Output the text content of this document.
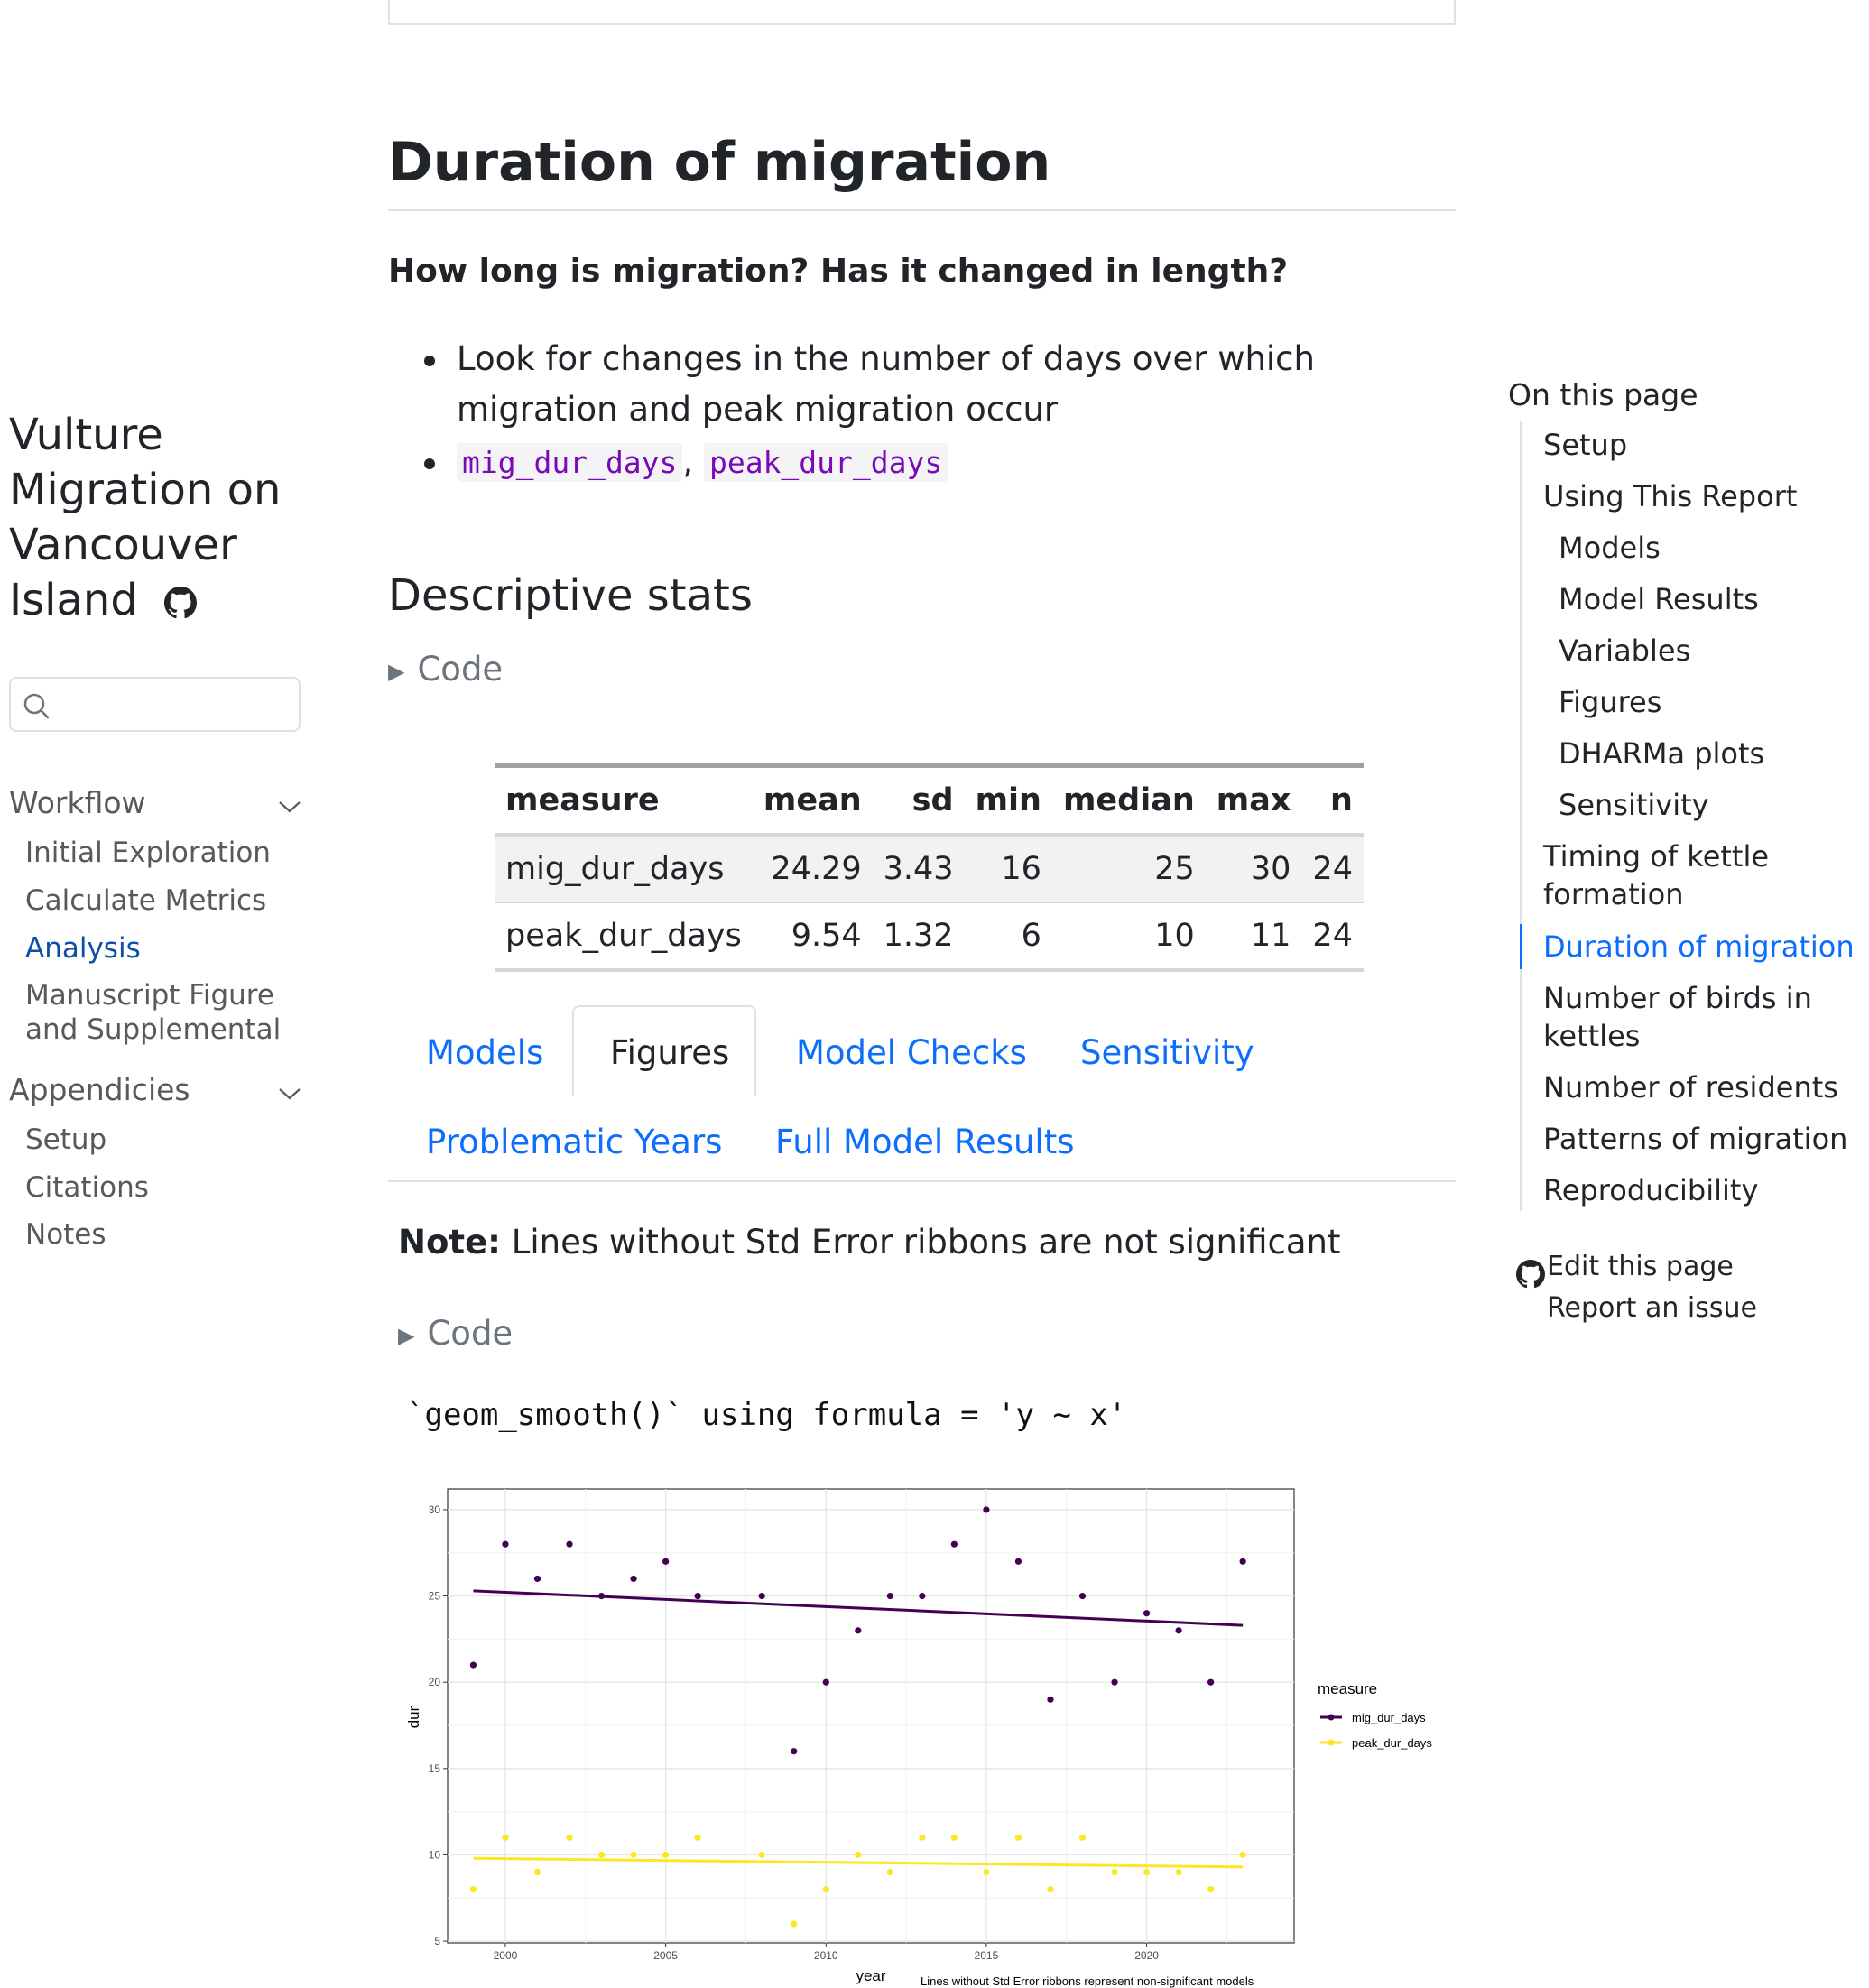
Vulture Migration on Vancouver Island
Workflow
Initial Exploration
Calculate Metrics
Analysis
Manuscript Figure and Supplemental
Appendicies
Setup
Citations
Notes
Duration of migration
How long is migration? Has it changed in length?
Look for changes in the number of days over which migration and peak migration occur
mig_dur_days , peak_dur_days
Descriptive stats
▶ Code
measure	mean	sd	min	median	max	n
mig_dur_days	24.29	3.43	16	25	30	24
peak_dur_days	9.54	1.32	6	10	11	24
Models Figures Model Checks Sensitivity
Problematic Years Full Model Results
Note: Lines without Std Error ribbons are not significant
▶ Code
`geom_smooth()` using formula = 'y ~ x'
2000	2005	2010	2015	2020
5
10
15
20
25
30
year
dur
measure
mig_dur_days
peak_dur_days
Lines without Std Error ribbons represent non-significant models
On this page
Setup
Using This Report
Models
Model Results
Variables
Figures
DHARMa plots
Sensitivity
Timing of kettle formation
Duration of migration
Number of birds in kettles
Number of residents
Patterns of migration
Reproducibility
Edit this page
Report an issue
